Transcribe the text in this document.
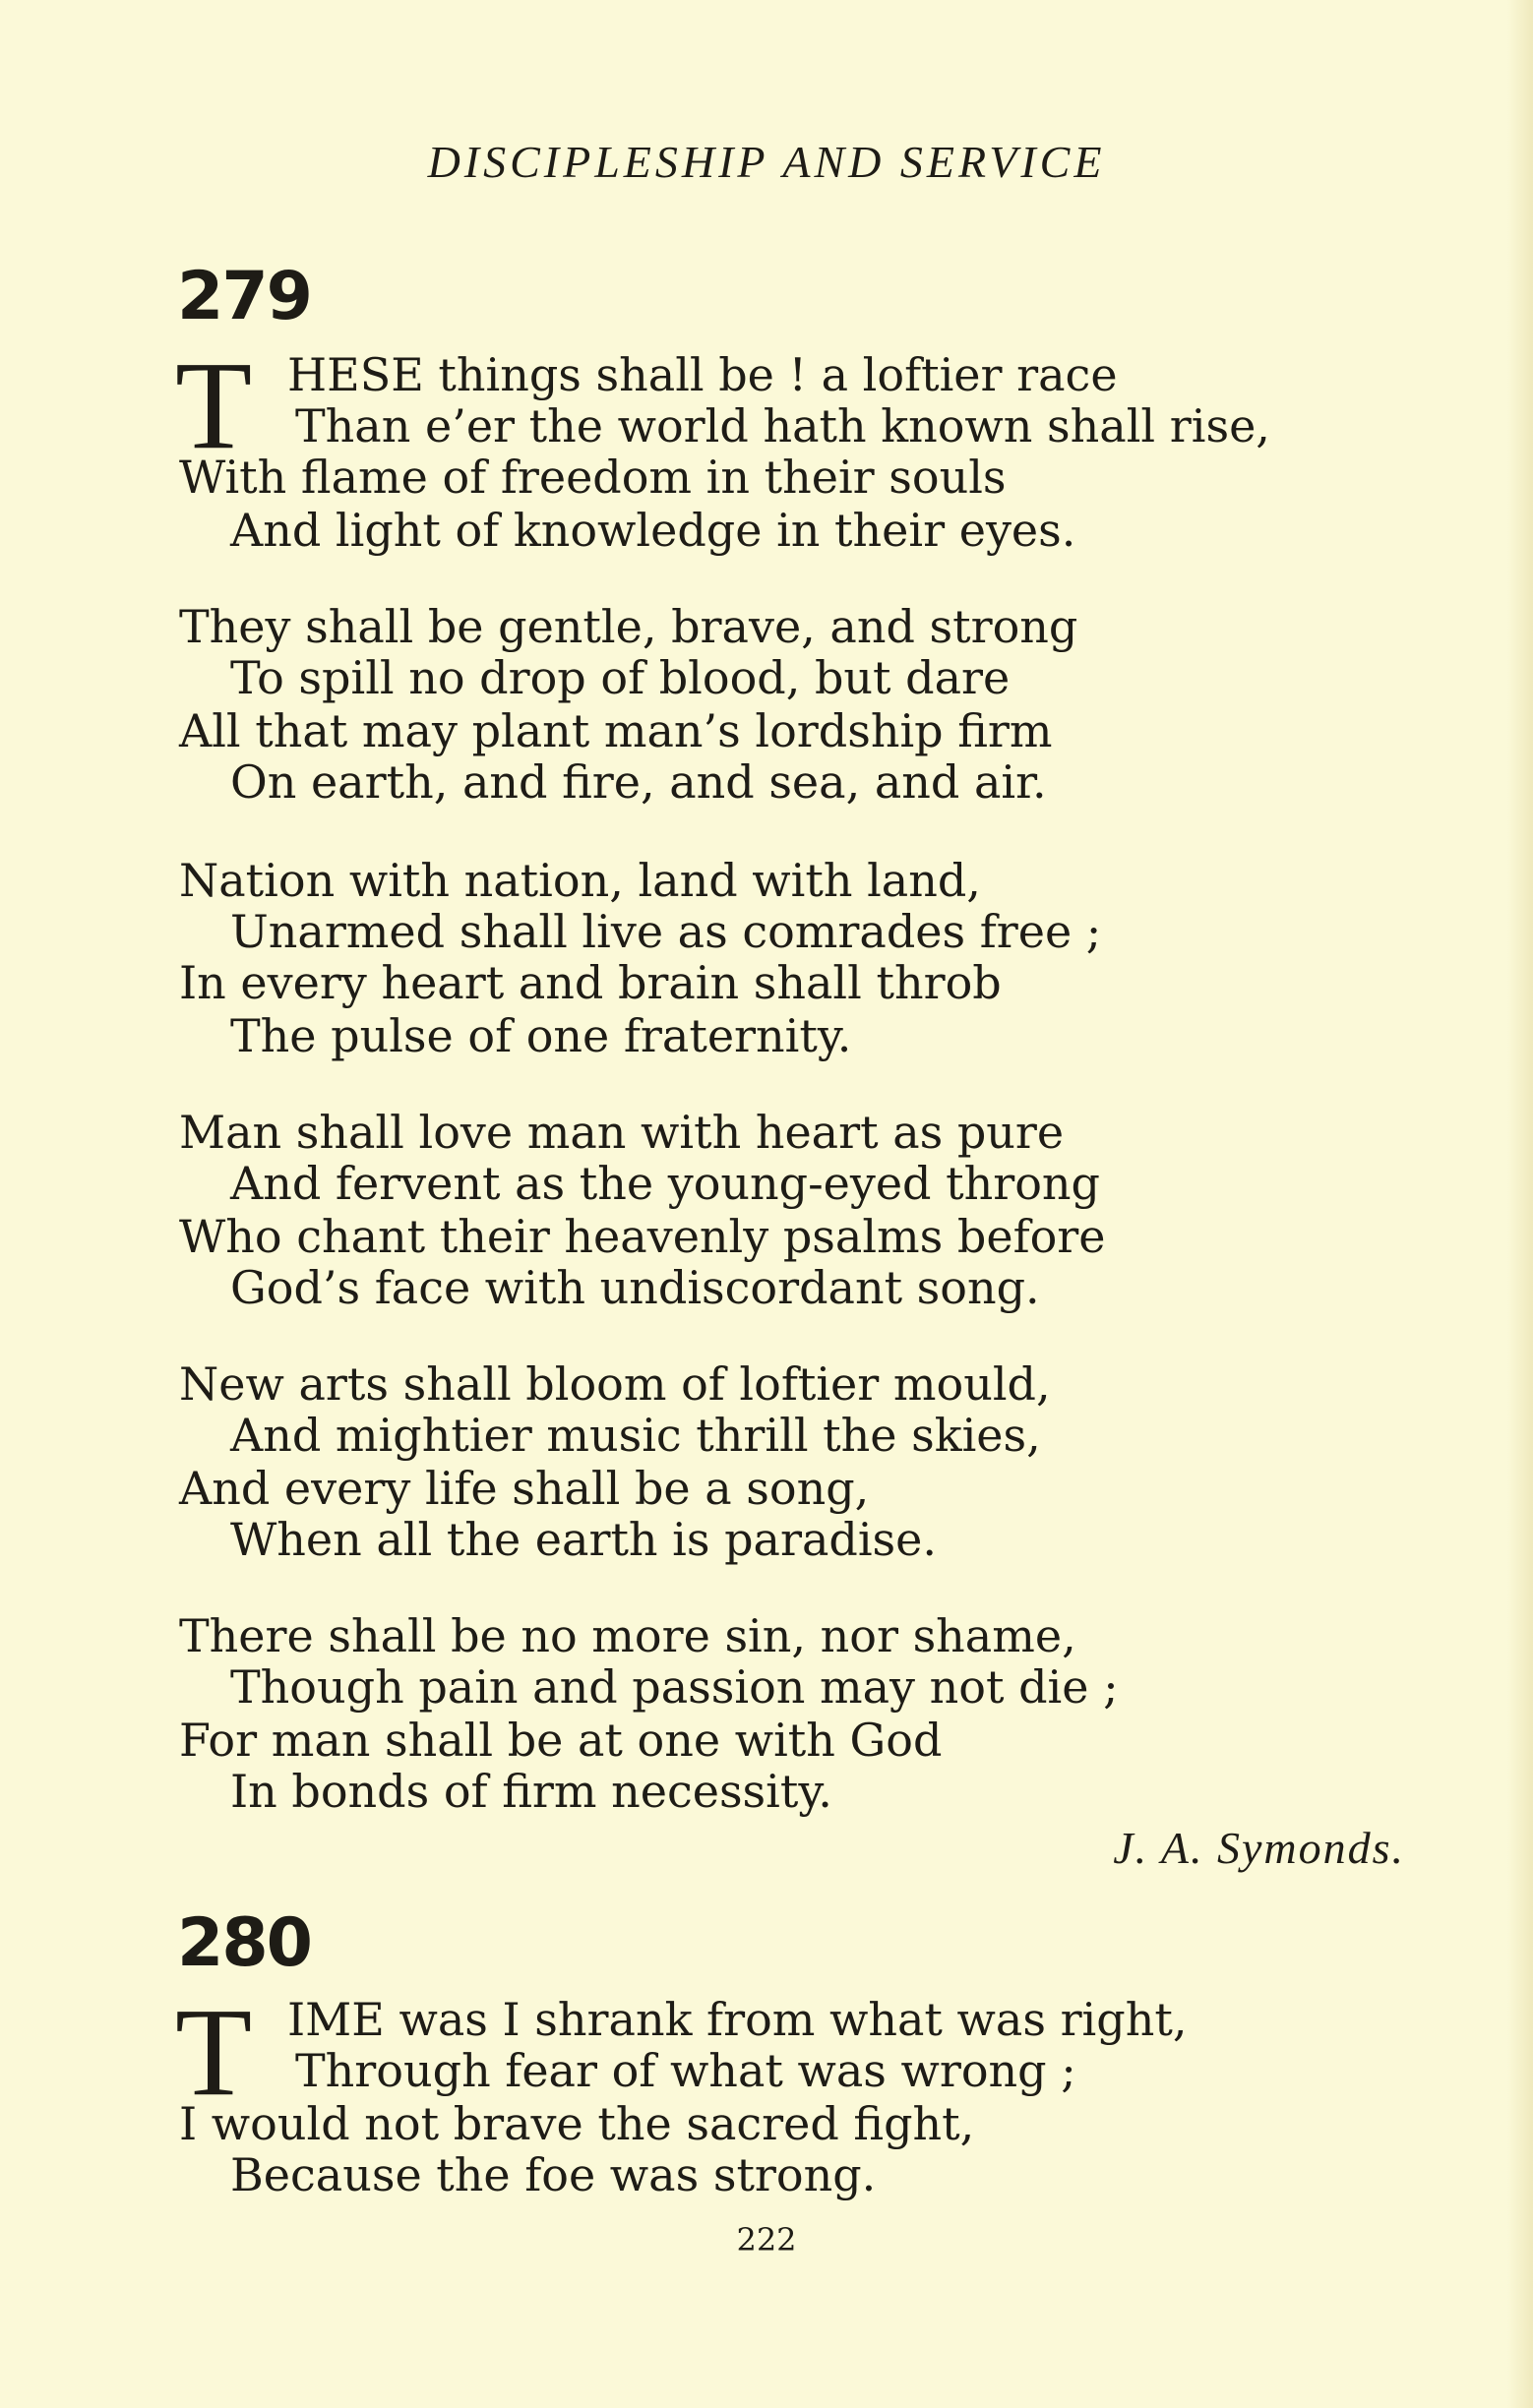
DISCIPLESHIP AND SERVICE
279
T HESE things shall be ! a loftier race
Than e’er the world hath known shall rise,
With flame of freedom in their souls
And light of knowledge in their eyes.
They shall be gentle, brave, and strong
To spill no drop of blood, but dare
All that may plant man’s lordship firm
On earth, and fire, and sea, and air.
Nation with nation, land with land,
Unarmed shall live as comrades free ;
In every heart and brain shall throb
The pulse of one fraternity.
Man shall love man with heart as pure
And fervent as the young-eyed throng
Who chant their heavenly psalms before
God’s face with undiscordant song.
New arts shall bloom of loftier mould,
And mightier music thrill the skies,
And every life shall be a song,
When all the earth is paradise.
There shall be no more sin, nor shame,
Though pain and passion may not die ;
For man shall be at one with God
In bonds of firm necessity.
J. A. Symonds.
280
T IME was I shrank from what was right,
Through fear of what was wrong ;
I would not brave the sacred fight,
Because the foe was strong.
222
